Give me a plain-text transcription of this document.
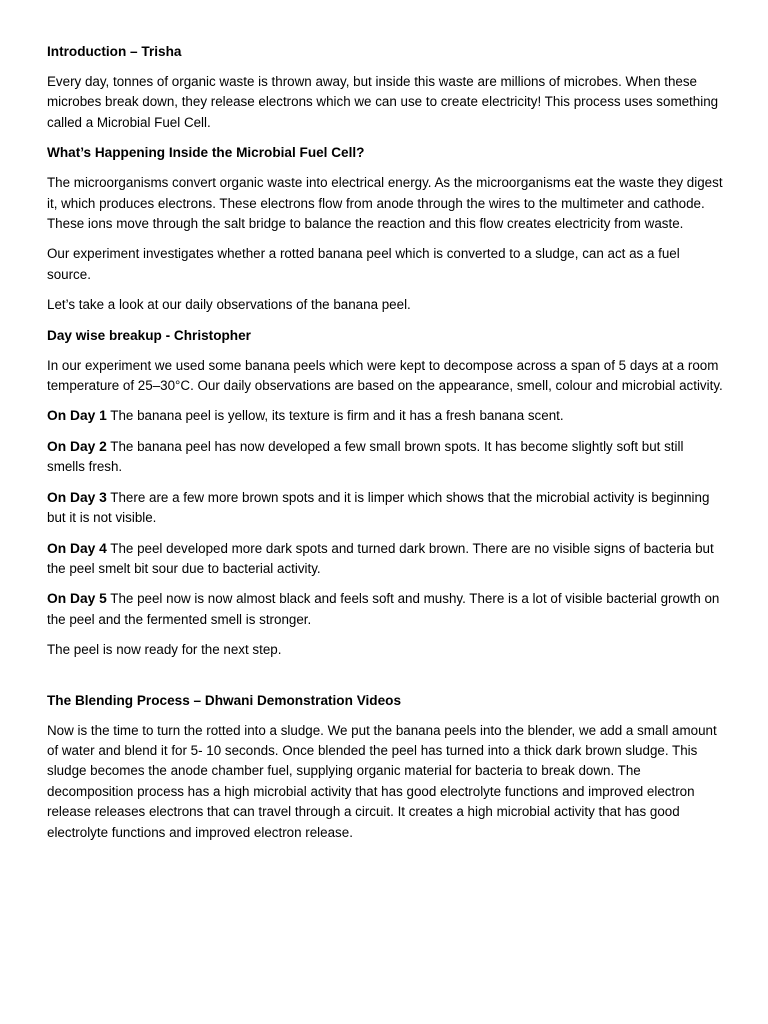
Introduction – Trisha

Every day, tonnes of organic waste is thrown away, but inside this waste are millions of microbes. When these microbes break down, they release electrons which we can use to create electricity! This process uses something called a Microbial Fuel Cell.

What’s Happening Inside the Microbial Fuel Cell?

The microorganisms convert organic waste into electrical energy. As the microorganisms eat the waste they digest it, which produces electrons. These electrons flow from anode through the wires to the multimeter and cathode. These ions move through the salt bridge to balance the reaction and this flow creates electricity from waste.

Our experiment investigates whether a rotted banana peel which is converted to a sludge, can act as a fuel source.

Let’s take a look at our daily observations of the banana peel.

Day wise breakup - Christopher

In our experiment we used some banana peels which were kept to decompose across a span of 5 days at a room temperature of 25–30°C. Our daily observations are based on the appearance, smell, colour and microbial activity.

On Day 1 The banana peel is yellow, its texture is firm and it has a fresh banana scent.

On Day 2 The banana peel has now developed a few small brown spots. It has become slightly soft but still smells fresh.

On Day 3 There are a few more brown spots and it is limper which shows that the microbial activity is beginning but it is not visible.

On Day 4 The peel developed more dark spots and turned dark brown. There are no visible signs of bacteria but the peel smelt bit sour due to bacterial activity.

On Day 5 The peel now is now almost black and feels soft and mushy. There is a lot of visible bacterial growth on the peel and the fermented smell is stronger.

The peel is now ready for the next step.

The Blending Process – Dhwani Demonstration Videos

Now is the time to turn the rotted into a sludge. We put the banana peels into the blender, we add a small amount of water and blend it for 5- 10 seconds. Once blended the peel has turned into a thick dark brown sludge. This sludge becomes the anode chamber fuel, supplying organic material for bacteria to break down. The decomposition process has a high microbial activity that has good electrolyte functions and improved electron release releases electrons that can travel through a circuit. It creates a high microbial activity that has good electrolyte functions and improved electron release.
